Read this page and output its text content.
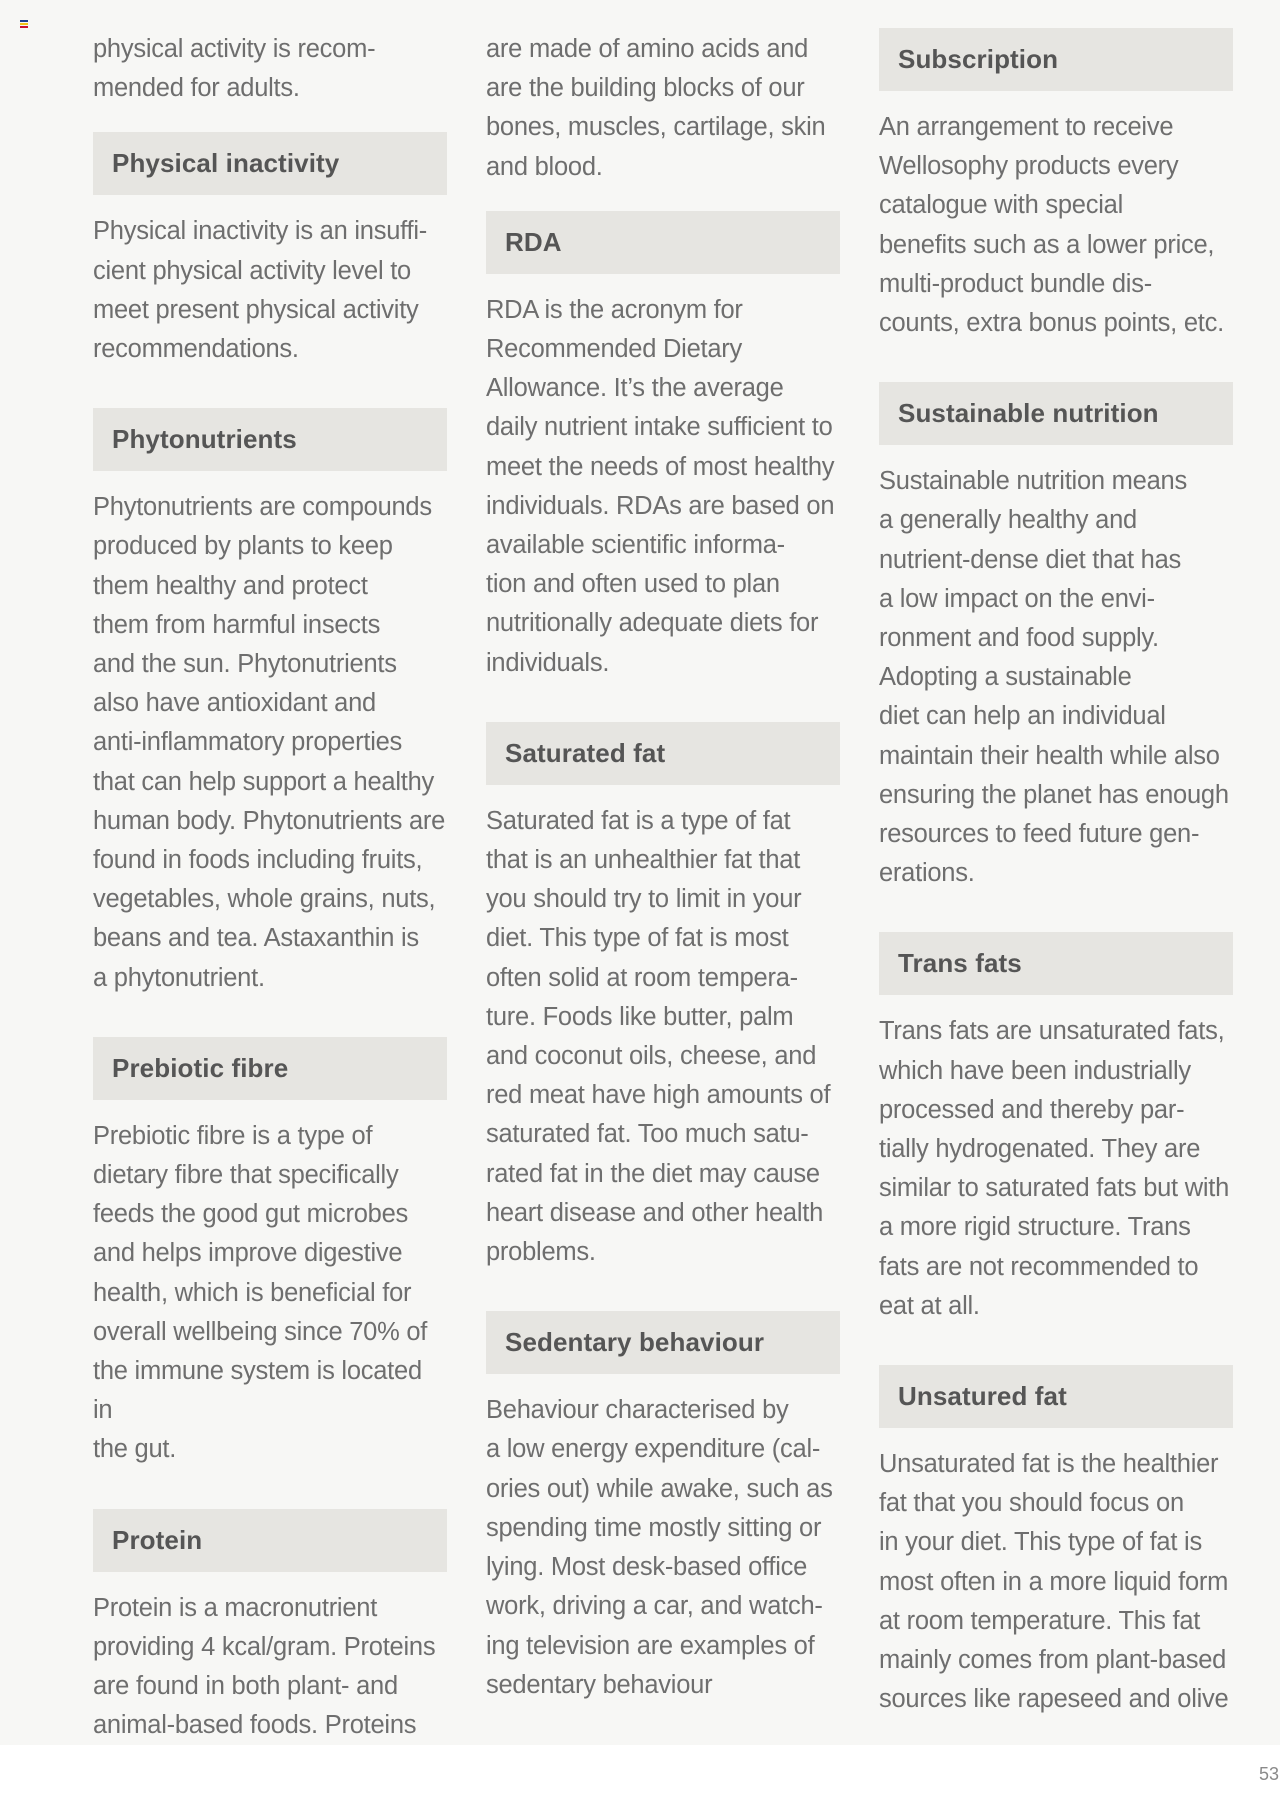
physical activity is recom-
mended for adults.

Physical inactivity

Physical inactivity is an insuffi-
cient physical activity level to
meet present physical activity
recommendations.

Phytonutrients

Phytonutrients are compounds
produced by plants to keep
them healthy and protect
them from harmful insects
and the sun. Phytonutrients
also have antioxidant and
anti-inflammatory properties
that can help support a healthy
human body. Phytonutrients are
found in foods including fruits,
vegetables, whole grains, nuts,
beans and tea. Astaxanthin is
a phytonutrient.

Prebiotic fibre

Prebiotic fibre is a type of
dietary fibre that specifically
feeds the good gut microbes
and helps improve digestive
health, which is beneficial for
overall wellbeing since 70% of
the immune system is located in
the gut.

Protein

Protein is a macronutrient
providing 4 kcal/gram. Proteins
are found in both plant- and
animal-based foods. Proteins

are made of amino acids and
are the building blocks of our
bones, muscles, cartilage, skin
and blood.

RDA

RDA is the acronym for
Recommended Dietary
Allowance. It’s the average
daily nutrient intake sufficient to
meet the needs of most healthy
individuals. RDAs are based on
available scientific informa-
tion and often used to plan
nutritionally adequate diets for
individuals.

Saturated fat

Saturated fat is a type of fat
that is an unhealthier fat that
you should try to limit in your
diet. This type of fat is most
often solid at room tempera-
ture. Foods like butter, palm
and coconut oils, cheese, and
red meat have high amounts of
saturated fat. Too much satu-
rated fat in the diet may cause
heart disease and other health
problems.

Sedentary behaviour

Behaviour characterised by
a low energy expenditure (cal-
ories out) while awake, such as
spending time mostly sitting or
lying. Most desk-based office
work, driving a car, and watch-
ing television are examples of
sedentary behaviour

Subscription

An arrangement to receive
Wellosophy products every
catalogue with special
benefits such as a lower price,
multi-product bundle dis-
counts, extra bonus points, etc.

Sustainable nutrition

Sustainable nutrition means
a generally healthy and
nutrient-dense diet that has
a low impact on the envi-
ronment and food supply.
Adopting a sustainable
diet can help an individual
maintain their health while also
ensuring the planet has enough
resources to feed future gen-
erations.

Trans fats

Trans fats are unsaturated fats,
which have been industrially
processed and thereby par-
tially hydrogenated. They are
similar to saturated fats but with
a more rigid structure. Trans
fats are not recommended to
eat at all.

Unsatured fat

Unsaturated fat is the healthier
fat that you should focus on
in your diet. This type of fat is
most often in a more liquid form
at room temperature. This fat
mainly comes from plant-based
sources like rapeseed and olive

53
